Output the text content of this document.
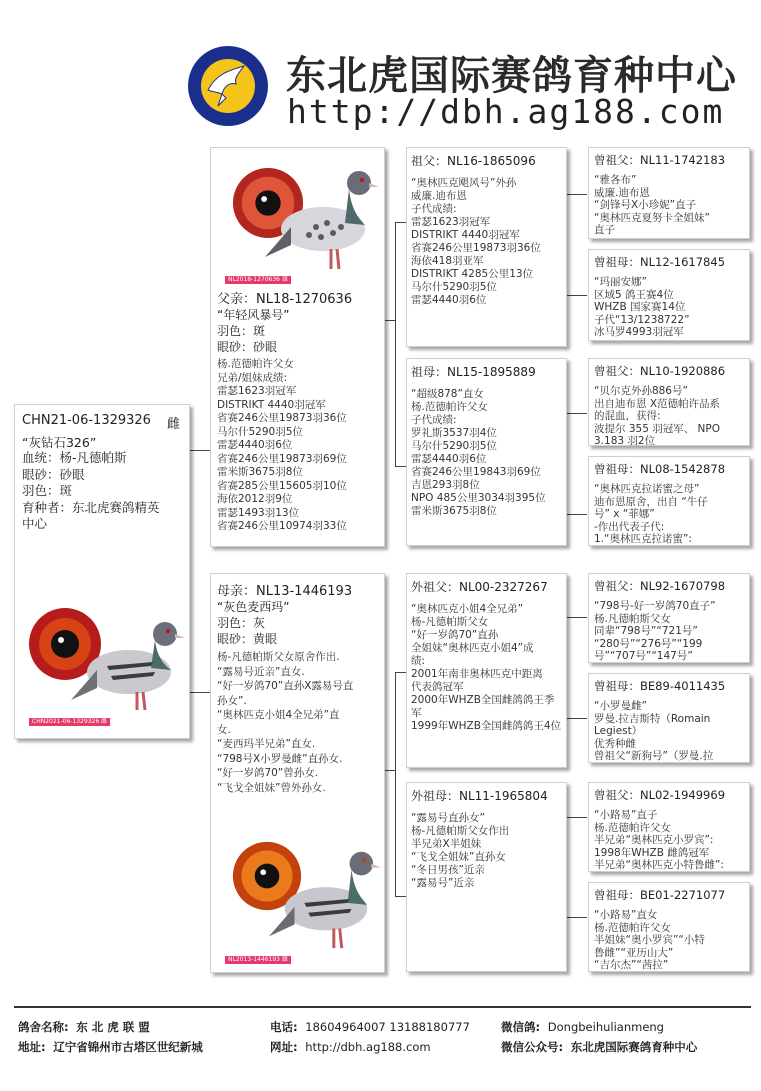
东北虎国际赛鸽育种中心
http://dbh.ag188.com
CHN21-06-1329326 雌
“灰钻石326”
血统：杨-凡德帕斯
眼砂：砂眼
羽色：斑
育种者：东北虎赛鸽精英
中心
CHN2021-06-1329326 雌
NL2018-1270636 雄
父亲：NL18-1270636
“年轻风暴号”
羽色：斑
眼砂：砂眼
杨.范德帕许父女
兄弟/姐妹成绩:
雷瑟1623羽冠军
DISTRIKT 4440羽冠军
省赛246公里19873羽36位
马尔什5290羽5位
雷瑟4440羽6位
省赛246公里19873羽69位
雷米斯3675羽8位
省赛285公里15605羽10位
海依2012羽9位
雷瑟1493羽13位
省赛246公里10974羽33位
母亲：NL13-1446193
“灰色麦西玛”
羽色：灰
眼砂：黄眼
杨-凡德帕斯父女原舍作出.
“露易号近亲”直女.
“好一岁鸽70”直孙X露易号直
孙女”.
“奥林匹克小姐4全兄弟”直
女.
“麦西玛半兄弟”直女.
“798号X小罗曼雌”直孙女.
“好一岁鸽70”曾孙女.
“飞戈全姐妹”曾外孙女.
NL2013-1446193 雌
祖父：NL16-1865096
“奥林匹克飓风号”外孙
威廉.迪布恩
子代成绩:
雷瑟1623羽冠军
DISTRIKT 4440羽冠军
省赛246公里19873羽36位
海依418羽亚军
DISTRIKT 4285公里13位
马尔什5290羽5位
雷瑟4440羽6位
祖母：NL15-1895889
“超级878”直女
杨.范德帕许父女
子代成绩:
罗礼斯3537羽4位
马尔什5290羽5位
雷瑟4440羽6位
省赛246公里19843羽69位
吉恩293羽8位
NPO 485公里3034羽395位
雷米斯3675羽8位
外祖父：NL00-2327267
“奥林匹克小姐4全兄弟”
杨-凡德帕斯父女
“好一岁鸽70”直孙
全姐妹“奥林匹克小姐4”成
绩:
2001年南非奥林匹克中距离
代表鸽冠军
2000年WHZB全国雌鸽鸽王季
军
1999年WHZB全国雌鸽鸽王4位
外祖母：NL11-1965804
“露易号直孙女”
杨-凡德帕斯父女作出
半兄弟X半姐妹
“飞戈全姐妹”直孙女
“冬日男孩”近亲
“露易号”近亲
曾祖父：NL11-1742183
“雅各布”
威廉.迪布恩
“剑锋号X小珍妮”直子
“奥林匹克夏努卡全姐妹”
直子
曾祖母：NL12-1617845
“玛丽安娜”
区域5 鸽王赛4位
WHZB 国家赛14位
子代“13/1238722”
冰马罗4993羽冠军
曾祖父：NL10-1920886
“贝尔克外孙886号”
出自迪布恩 X范德帕许品系
的混血，获得:
波提尔 355 羽冠军、 NPO
3.183 羽2位
曾祖母：NL08-1542878
“奥林匹克拉诺蜜之母”
迪布恩原舍，出自 “牛仔
号” x “菲娜”
-作出代表子代:
1.“奥林匹克拉诺蜜”:
曾祖父：NL92-1670798
“798号-好一岁鸽70直子”
杨.凡德帕斯父女
同辈“798号”“721号”
“280号”“276号”“199
号”“707号”“147号”
曾祖母：BE89-4011435
“小罗曼雌”
罗曼.拉吉斯特（Romain
Legiest）
优秀种雌
曾祖父“新狗号”（罗曼.拉
曾祖父：NL02-1949969
“小路易”直子
杨.范德帕许父女
半兄弟“奥林匹克小罗宾”:
1998年WHZB 雌鸽冠军
半兄弟“奥林匹克小特鲁雌”:
曾祖母：BE01-2271077
“小路易”直女
杨.范德帕许父女
半姐妹“奥小罗宾”“小特
鲁雌”“亚历山大”
“吉尔杰”“茜拉”
鸽舍名称: 东 北 虎 联 盟	电话: 18604964007 13188180777	微信鸽: Dongbeihulianmeng
地址: 辽宁省锦州市古塔区世纪新城	网址: http://dbh.ag188.com	微信公众号: 东北虎国际赛鸽育种中心
